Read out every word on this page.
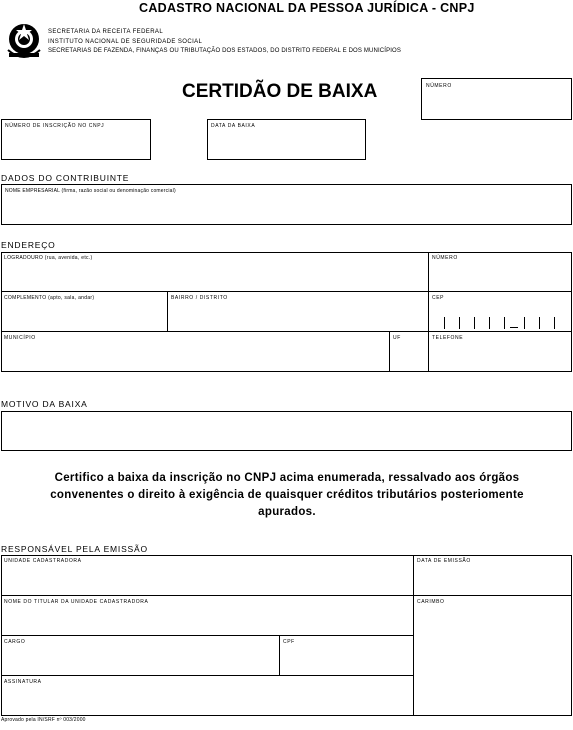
CADASTRO NACIONAL DA PESSOA JURÍDICA - CNPJ
SECRETARIA DA RECEITA FEDERAL
INSTITUTO NACIONAL DE SEGURIDADE SOCIAL
SECRETARIAS DE FAZENDA, FINANÇAS OU TRIBUTAÇÃO DOS ESTADOS, DO DISTRITO FEDERAL E DOS MUNICÍPIOS
CERTIDÃO DE BAIXA	NÚMERO
NÚMERO DE INSCRIÇÃO NO CNPJ	DATA DA BAIXA
DADOS DO CONTRIBUINTE
NOME EMPRESARIAL (firma, razão social ou denominação comercial)
ENDEREÇO
LOGRADOURO (rua, avenida, etc.)	NÚMERO
COMPLEMENTO (apto, sala, andar)	BAIRRO / DISTRITO	CEP
MUNICÍPIO	UF	TELEFONE
MOTIVO DA BAIXA
Certifico a baixa da inscrição no CNPJ acima enumerada, ressalvado aos órgãos convenentes o direito à exigência de quaisquer créditos tributários posteriomente apurados.
RESPONSÁVEL PELA EMISSÃO
UNIDADE CADASTRADORA	DATA DE EMISSÃO
NOME DO TITULAR DA UNIDADE CADASTRADORA	CARIMBO
CARGO	CPF
ASSINATURA
Aprovado pela IN/SRF nº 003/2000
